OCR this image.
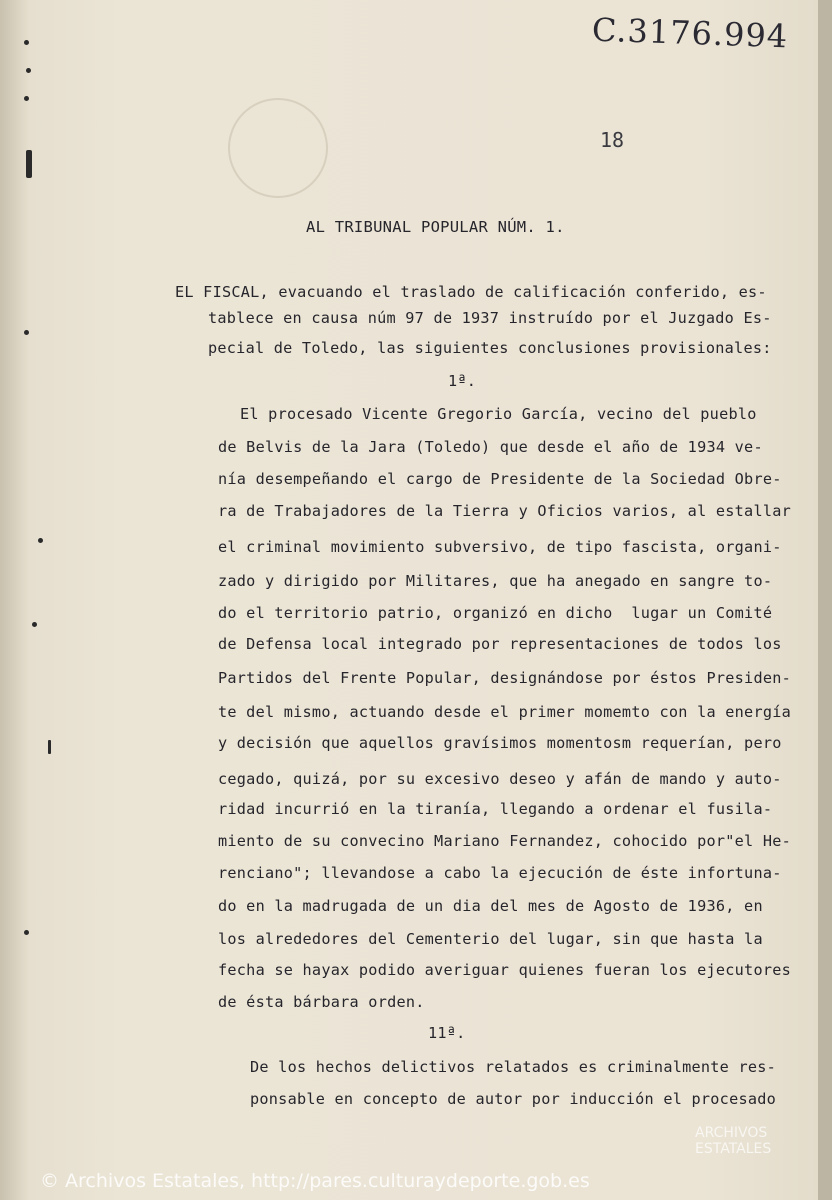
C.3176.994
18
AL TRIBUNAL POPULAR NÚM. 1.
EL FISCAL, evacuando el traslado de calificación conferido, es-
tablece en causa núm 97 de 1937 instruído por el Juzgado Es-
pecial de Toledo, las siguientes conclusiones provisionales:
1ª.
El procesado Vicente Gregorio García, vecino del pueblo
de Belvis de la Jara (Toledo) que desde el año de 1934 ve-
nía desempeñando el cargo de Presidente de la Sociedad Obre-
ra de Trabajadores de la Tierra y Oficios varios, al estallar
el criminal movimiento subversivo, de tipo fascista, organi-
zado y dirigido por Militares, que ha anegado en sangre to-
do el territorio patrio, organizó en dicho  lugar un Comité
de Defensa local integrado por representaciones de todos los
Partidos del Frente Popular, designándose por éstos Presiden-
te del mismo, actuando desde el primer momemto con la energía
y decisión que aquellos gravísimos momentosm requerían, pero
cegado, quizá, por su excesivo deseo y afán de mando y auto-
ridad incurrió en la tiranía, llegando a ordenar el fusila-
miento de su convecino Mariano Fernandez, cohocido por"el He-
renciano"; llevandose a cabo la ejecución de éste infortuna-
do en la madrugada de un dia del mes de Agosto de 1936, en
los alrededores del Cementerio del lugar, sin que hasta la
fecha se hayax podido averiguar quienes fueran los ejecutores
de ésta bárbara orden.
11ª.
De los hechos delictivos relatados es criminalmente res-
ponsable en concepto de autor por inducción el procesado
ARCHIVOS ESTATALES
© Archivos Estatales, http://pares.culturaydeporte.gob.es
